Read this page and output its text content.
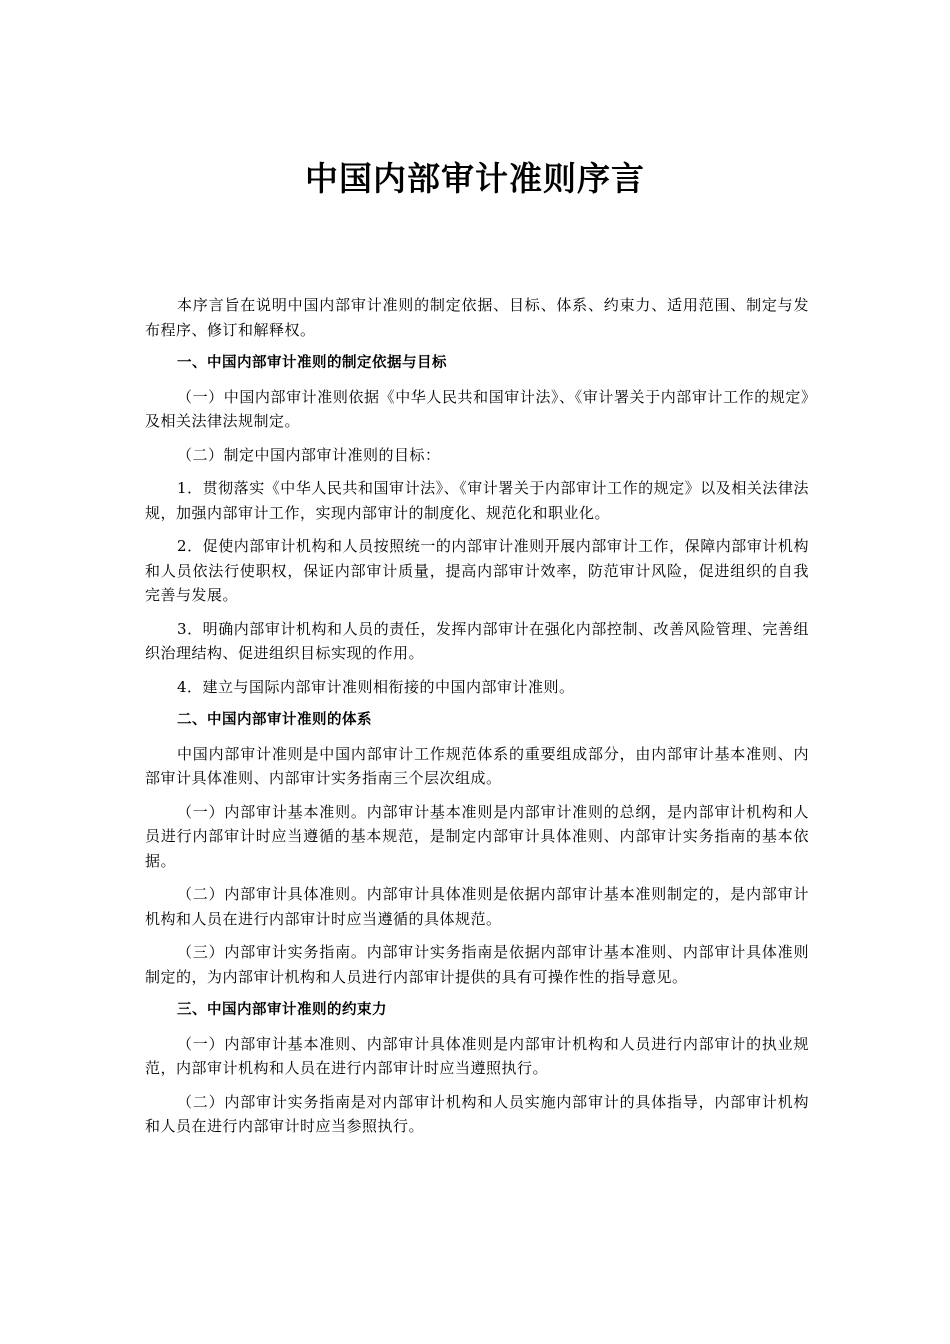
中国内部审计准则序言

本序言旨在说明中国内部审计准则的制定依据、目标、体系、约束力、适用范围、制定与发布程序、修订和解释权。

一、中国内部审计准则的制定依据与目标

（一）中国内部审计准则依据《中华人民共和国审计法》、《审计署关于内部审计工作的规定》及相关法律法规制定。

（二）制定中国内部审计准则的目标：

1．贯彻落实《中华人民共和国审计法》、《审计署关于内部审计工作的规定》以及相关法律法规，加强内部审计工作，实现内部审计的制度化、规范化和职业化。

2．促使内部审计机构和人员按照统一的内部审计准则开展内部审计工作，保障内部审计机构和人员依法行使职权，保证内部审计质量，提高内部审计效率，防范审计风险，促进组织的自我完善与发展。

3．明确内部审计机构和人员的责任，发挥内部审计在强化内部控制、改善风险管理、完善组织治理结构、促进组织目标实现的作用。

4．建立与国际内部审计准则相衔接的中国内部审计准则。

二、中国内部审计准则的体系

中国内部审计准则是中国内部审计工作规范体系的重要组成部分，由内部审计基本准则、内部审计具体准则、内部审计实务指南三个层次组成。

（一）内部审计基本准则。内部审计基本准则是内部审计准则的总纲，是内部审计机构和人员进行内部审计时应当遵循的基本规范，是制定内部审计具体准则、内部审计实务指南的基本依据。

（二）内部审计具体准则。内部审计具体准则是依据内部审计基本准则制定的，是内部审计机构和人员在进行内部审计时应当遵循的具体规范。

（三）内部审计实务指南。内部审计实务指南是依据内部审计基本准则、内部审计具体准则制定的，为内部审计机构和人员进行内部审计提供的具有可操作性的指导意见。

三、中国内部审计准则的约束力

（一）内部审计基本准则、内部审计具体准则是内部审计机构和人员进行内部审计的执业规范，内部审计机构和人员在进行内部审计时应当遵照执行。

（二）内部审计实务指南是对内部审计机构和人员实施内部审计的具体指导，内部审计机构和人员在进行内部审计时应当参照执行。
